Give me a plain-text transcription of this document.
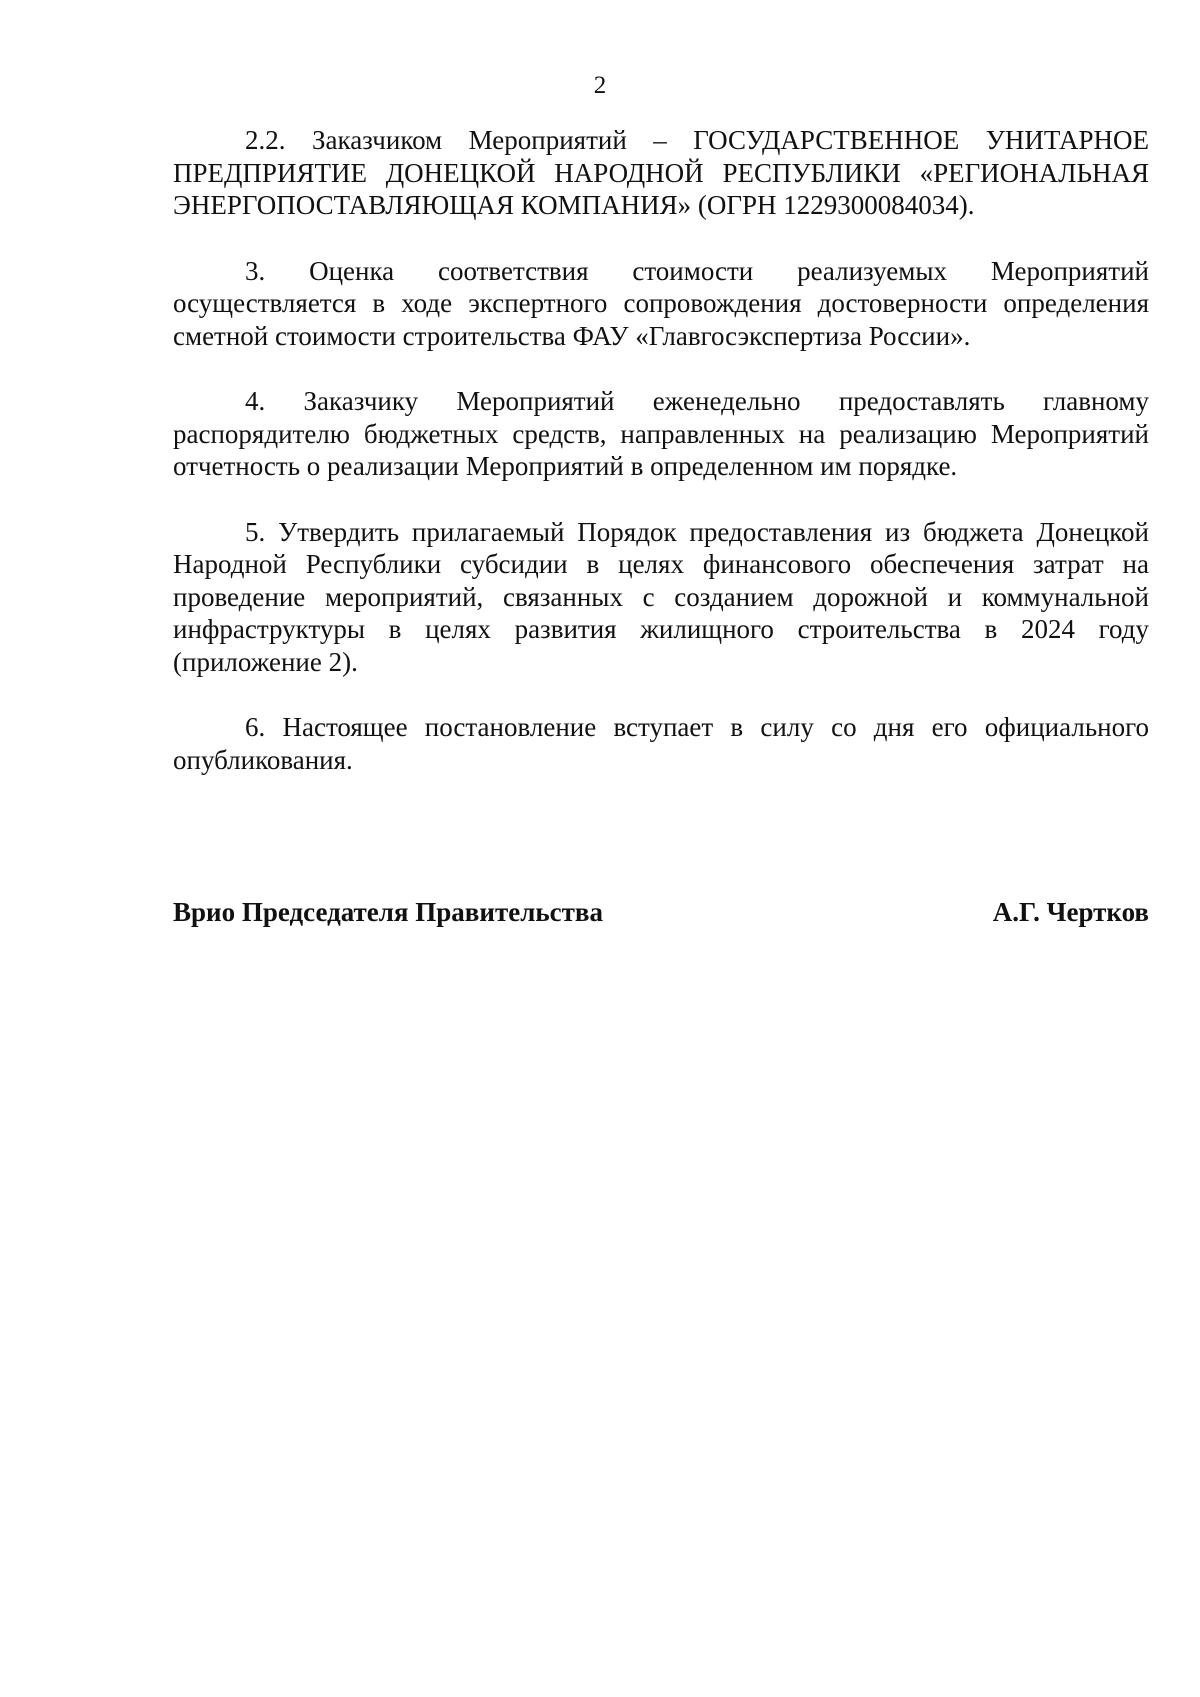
2

2.2. Заказчиком Мероприятий – ГОСУДАРСТВЕННОЕ УНИТАРНОЕ ПРЕДПРИЯТИЕ ДОНЕЦКОЙ НАРОДНОЙ РЕСПУБЛИКИ «РЕГИОНАЛЬНАЯ ЭНЕРГОПОСТАВЛЯЮЩАЯ КОМПАНИЯ» (ОГРН 1229300084034).

3. Оценка соответствия стоимости реализуемых Мероприятий осуществляется в ходе экспертного сопровождения достоверности определения сметной стоимости строительства ФАУ «Главгосэкспертиза России».

4. Заказчику Мероприятий еженедельно предоставлять главному распорядителю бюджетных средств, направленных на реализацию Мероприятий отчетность о реализации Мероприятий в определенном им порядке.

5. Утвердить прилагаемый Порядок предоставления из бюджета Донецкой Народной Республики субсидии в целях финансового обеспечения затрат на проведение мероприятий, связанных с созданием дорожной и коммунальной инфраструктуры в целях развития жилищного строительства в 2024 году (приложение 2).

6. Настоящее постановление вступает в силу со дня его официального опубликования.

Врио Председателя Правительства	А.Г. Чертков
